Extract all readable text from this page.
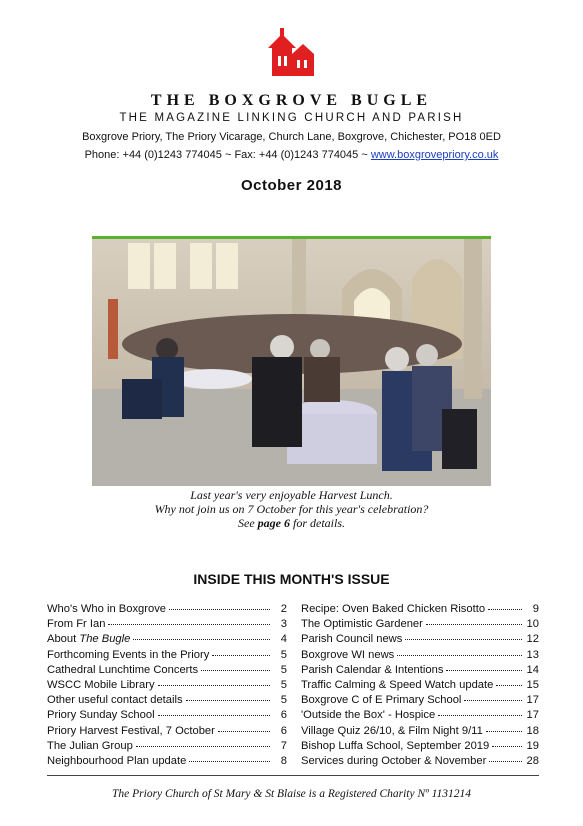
THE BOXGROVE BUGLE
THE MAGAZINE LINKING CHURCH AND PARISH
Boxgrove Priory, The Priory Vicarage, Church Lane, Boxgrove, Chichester, PO18 0ED
Phone: +44 (0)1243 774045 ~ Fax: +44 (0)1243 774045 ~ www.boxgrovepriory.co.uk
October 2018
Last year's very enjoyable Harvest Lunch.
Why not join us on 7 October for this year's celebration?
See page 6 for details.
INSIDE THIS MONTH'S ISSUE
Who's Who in Boxgrove	2
From Fr Ian	3
About The Bugle	4
Forthcoming Events in the Priory	5
Cathedral Lunchtime Concerts	5
WSCC Mobile Library	5
Other useful contact details	5
Priory Sunday School	6
Priory Harvest Festival, 7 October	6
The Julian Group	7
Neighbourhood Plan update	8
Recipe: Oven Baked Chicken Risotto	9
The Optimistic Gardener	10
Parish Council news	12
Boxgrove WI news	13
Parish Calendar & Intentions	14
Traffic Calming & Speed Watch update	15
Boxgrove C of E Primary School	17
'Outside the Box' - Hospice	17
Village Quiz 26/10, & Film Night 9/11	18
Bishop Luffa School, September 2019	19
Services during October & November	28
The Priory Church of St Mary & St Blaise is a Registered Charity Nº 1131214
